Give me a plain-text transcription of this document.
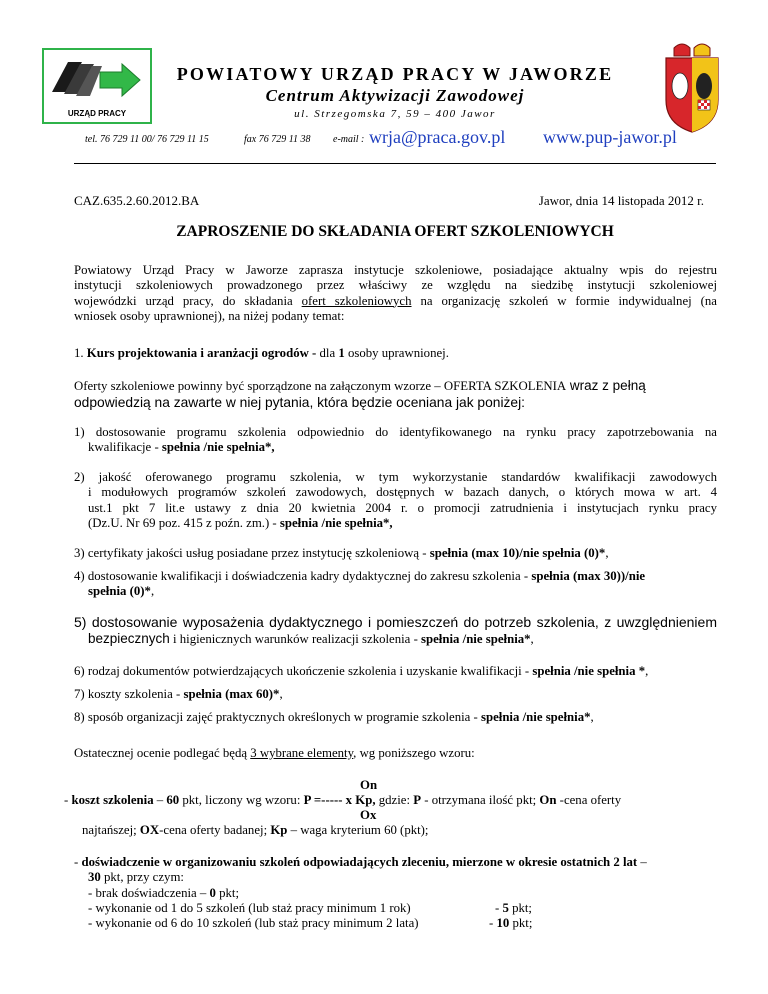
URZĄD PRACY
POWIATOWY URZĄD PRACY W JAWORZE
Centrum Aktywizacji Zawodowej
ul. Strzegomska 7, 59 – 400 Jawor
tel. 76 729 11 00/ 76 729 11 15	fax 76 729 11 38 e-mail : wrja@praca.gov.pl www.pup-jawor.pl
CAZ.635.2.60.2012.BA	Jawor, dnia 14 listopada 2012 r.
ZAPROSZENIE DO SKŁADANIA OFERT SZKOLENIOWYCH
Powiatowy Urząd Pracy w Jaworze zaprasza instytucje szkoleniowe, posiadające aktualny wpis do rejestru
instytucji szkoleniowych prowadzonego przez właściwy ze względu na siedzibę instytucji szkoleniowej
wojewódzki urząd pracy, do składania ofert szkoleniowych na organizację szkoleń w formie indywidualnej (na
wniosek osoby uprawnionej), na niżej podany temat:
1. Kurs projektowania i aranżacji ogrodów - dla 1 osoby uprawnionej.
Oferty szkoleniowe powinny być sporządzone na załączonym wzorze – OFERTA SZKOLENIA wraz z pełną
odpowiedzią na zawarte w niej pytania, która będzie oceniana jak poniżej:
1) dostosowanie programu szkolenia odpowiednio do identyfikowanego na rynku pracy zapotrzebowania na
kwalifikacje - spełnia /nie spełnia*,
2) jakość oferowanego programu szkolenia, w tym wykorzystanie standardów kwalifikacji zawodowych
i modułowych programów szkoleń zawodowych, dostępnych w bazach danych, o których mowa w art. 4
ust.1 pkt 7 lit.e ustawy z dnia 20 kwietnia 2004 r. o promocji zatrudnienia i instytucjach rynku pracy
(Dz.U. Nr 69 poz. 415 z poźn. zm.) - spełnia /nie spełnia*,
3) certyfikaty jakości usług posiadane przez instytucję szkoleniową - spełnia (max 10)/nie spełnia (0)*,
4) dostosowanie kwalifikacji i doświadczenia kadry dydaktycznej do zakresu szkolenia - spełnia (max 30))/nie
spełnia (0)*,
5) dostosowanie wyposażenia dydaktycznego i pomieszczeń do potrzeb szkolenia, z uwzględnieniem
bezpiecznych i higienicznych warunków realizacji szkolenia - spełnia /nie spełnia*,
6) rodzaj dokumentów potwierdzających ukończenie szkolenia i uzyskanie kwalifikacji - spełnia /nie spełnia *,
7) koszty szkolenia - spełnia (max 60)*,
8) sposób organizacji zajęć praktycznych określonych w programie szkolenia - spełnia /nie spełnia*,
Ostatecznej ocenie podlegać będą 3 wybrane elementy, wg poniższego wzoru:
On
- koszt szkolenia – 60 pkt, liczony wg wzoru: P =----- x Kp, gdzie: P - otrzymana ilość pkt; On -cena oferty
Ox
najtańszej; OX-cena oferty badanej; Kp – waga kryterium 60 (pkt);
- doświadczenie w organizowaniu szkoleń odpowiadających zleceniu, mierzone w okresie ostatnich 2 lat –
30 pkt, przy czym:
- brak doświadczenia – 0 pkt;
- wykonanie od 1 do 5 szkoleń (lub staż pracy minimum 1 rok)	- 5 pkt;
- wykonanie od 6 do 10 szkoleń (lub staż pracy minimum 2 lata)	- 10 pkt;
